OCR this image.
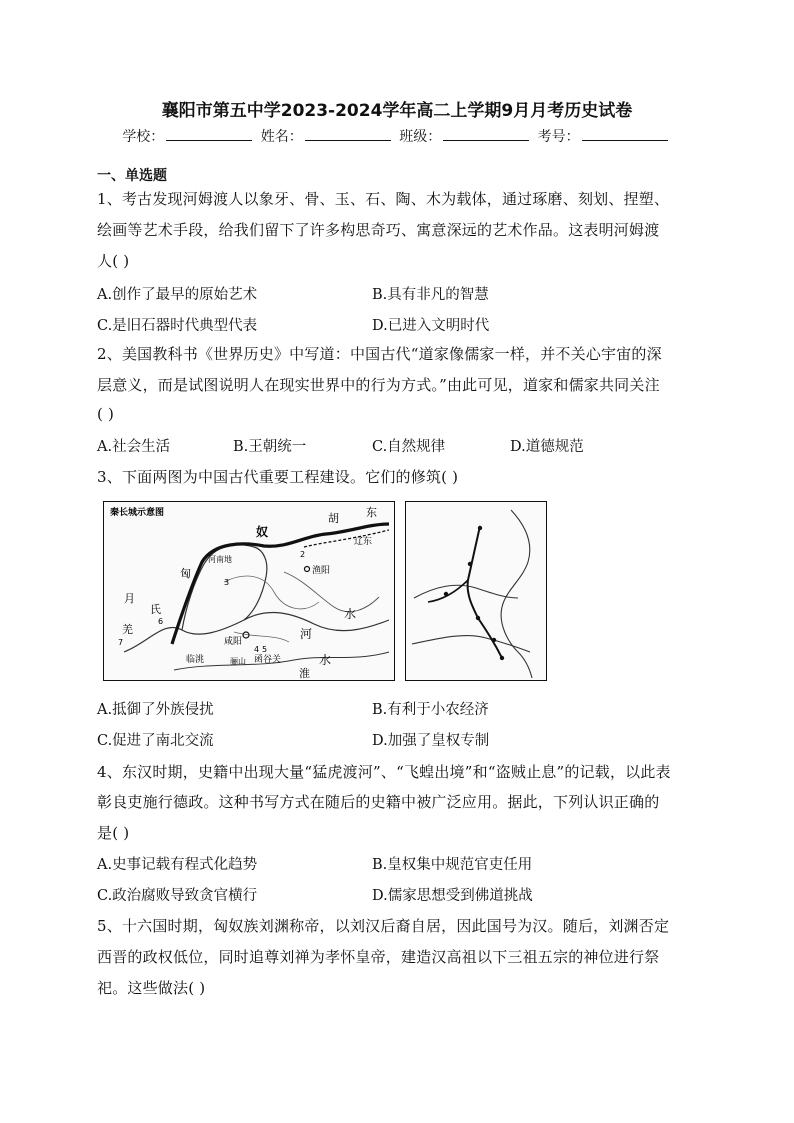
襄阳市第五中学2023-2024学年高二上学期9月月考历史试卷
学校：	姓名：	班级：	考号：
一、单选题
1、考古发现河姆渡人以象牙、骨、玉、石、陶、木为载体，通过琢磨、刻划、捏塑、
绘画等艺术手段，给我们留下了许多构思奇巧、寓意深远的艺术作品。这表明河姆渡
人( )
A.创作了最早的原始艺术	B.具有非凡的智慧
C.是旧石器时代典型代表	D.已进入文明时代
2、美国教科书《世界历史》中写道：中国古代“道家像儒家一样，并不关心宇宙的深
层意义，而是试图说明人在现实世界中的行为方式。”由此可见，道家和儒家共同关注
( )
A.社会生活	B.王朝统一	C.自然规律	D.道德规范
3、下面两图为中国古代重要工程建设。它们的修筑( )
秦长城示意图	胡 东
奴
辽东
匈
河南地
2
渔阳
3
月
氏
6
羌
7	咸阳
河
骊山 函谷关
4 5
临洮	水
淮
水
A.抵御了外族侵扰	B.有利于小农经济
C.促进了南北交流	D.加强了皇权专制
4、东汉时期，史籍中出现大量“猛虎渡河”、“飞蝗出境”和“盗贼止息”的记载，以此表
彰良吏施行德政。这种书写方式在随后的史籍中被广泛应用。据此，下列认识正确的
是( )
A.史事记载有程式化趋势	B.皇权集中规范官吏任用
C.政治腐败导致贪官横行	D.儒家思想受到佛道挑战
5、十六国时期，匈奴族刘渊称帝，以刘汉后裔自居，因此国号为汉。随后，刘渊否定
西晋的政权低位，同时追尊刘禅为孝怀皇帝，建造汉高祖以下三祖五宗的神位进行祭
祀。这些做法( )
